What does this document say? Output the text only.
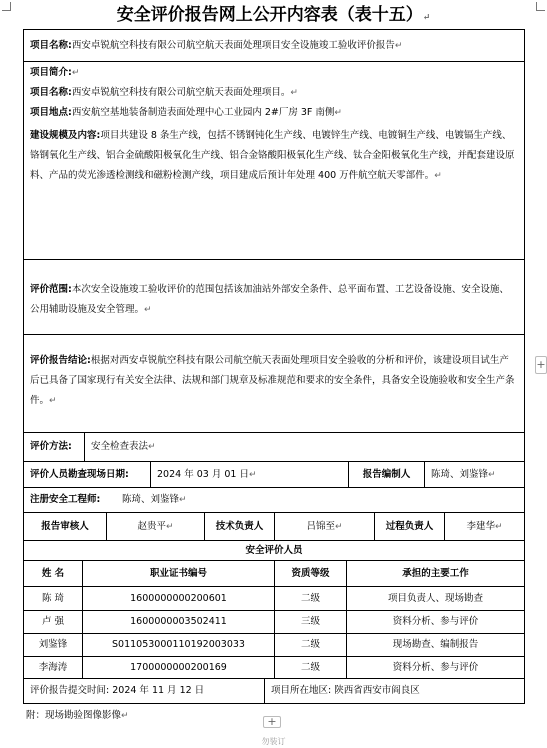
安全评价报告网上公开内容表（表十五）↵
项目名称: 西安卓锐航空科技有限公司航空航天表面处理项目安全设施竣工验收评价报告 ↵

项目简介:↵

项目名称:西安卓锐航空科技有限公司航空航天表面处理项目。↵

项目地点:西安航空基地装备制造表面处理中心工业园内 2#厂房 3F 南侧↵

建设规模及内容:项目共建设 8 条生产线，包括不锈钢钝化生产线、电镀锌生产线、电镀铜生产线、电镀镉生产线、铬钢氧化生产线、铝合金硫酸阳极氧化生产线、铝合金铬酸阳极氧化生产线、钛合金阳极氧化生产线，并配套建设原料、产品的荧光渗透检测线和磁粉检测产线，项目建成后预计年处理 400 万件航空航天零部件。↵

评价范围:本次安全设施竣工验收评价的范围包括该加油站外部安全条件、总平面布置、工艺设备设施、安全设施、公用辅助设施及安全管理。↵

评价报告结论:根据对西安卓锐航空科技有限公司航空航天表面处理项目安全验收的分析和评价，该建设项目试生产后已具备了国家现行有关安全法律、法规和部门规章及标准规范和要求的安全条件，具备安全设施验收和安全生产条件。↵

评价方法: 安全检查表法 ↵
评价人员勘查现场日期:	2024 年 03 月 01 日 ↵	报告编制人 陈琦、刘鉴锋 ↵
注册安全工程师: 陈琦、刘鉴锋 ↵
报告审核人	赵贵平 ↵	技术负责人	吕锦至 ↵	过程负责人	李建华 ↵
安全评价人员
姓 名	职业证书编号	资质等级	承担的主要工作
陈 琦	1600000000200601	二级	项目负责人、现场勘查
卢 强	1600000003502411	三级	资料分析、参与评价
刘鉴锋	S011053000110192003033	二级	现场勘查、编制报告
李海涛	1700000000200169	二级	资料分析、参与评价
评价报告提交时间:
2024 年 11 月 12 日	项目所在地区:
陕西省西安市阎良区
附：现场勘验图像影像↵
+
+
勿装订
